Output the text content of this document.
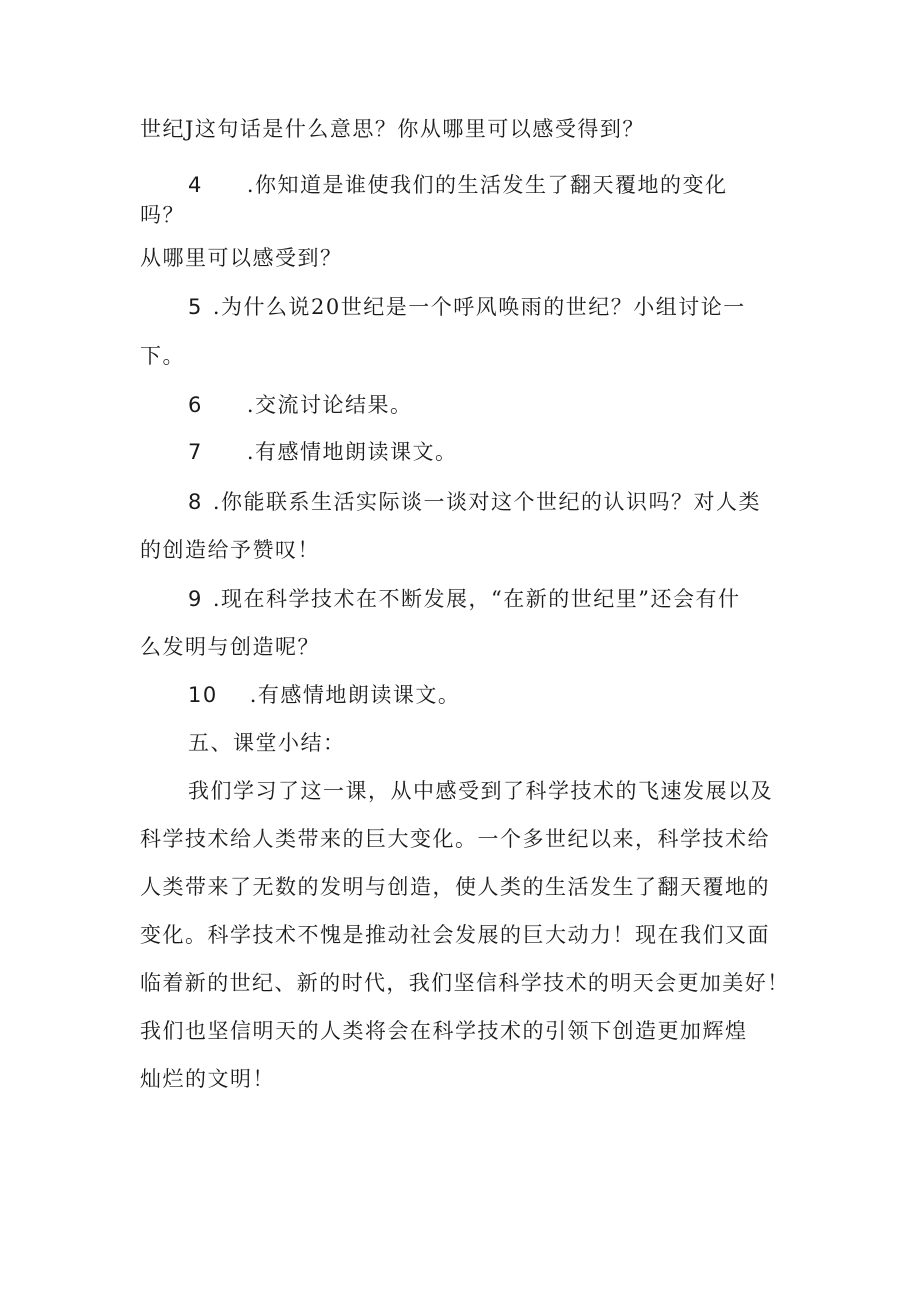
世纪J这句话是什么意思？你从哪里可以感受得到？
4 .你知道是谁使我们的生活发生了翻天覆地的变化
吗？
从哪里可以感受到？
5 .为什么说20世纪是一个呼风唤雨的世纪？小组讨论一
下。
6 .交流讨论结果。
7 .有感情地朗读课文。
8 .你能联系生活实际谈一谈对这个世纪的认识吗？对人类
的创造给予赞叹！
9 .现在科学技术在不断发展，“在新的世纪里”还会有什
么发明与创造呢？
10 .有感情地朗读课文。
五、课堂小结：
我们学习了这一课，从中感受到了科学技术的飞速发展以及
科学技术给人类带来的巨大变化。一个多世纪以来，科学技术给
人类带来了无数的发明与创造，使人类的生活发生了翻天覆地的
变化。科学技术不愧是推动社会发展的巨大动力！现在我们又面
临着新的世纪、新的时代，我们坚信科学技术的明天会更加美好！
我们也坚信明天的人类将会在科学技术的引领下创造更加辉煌
灿烂的文明！
